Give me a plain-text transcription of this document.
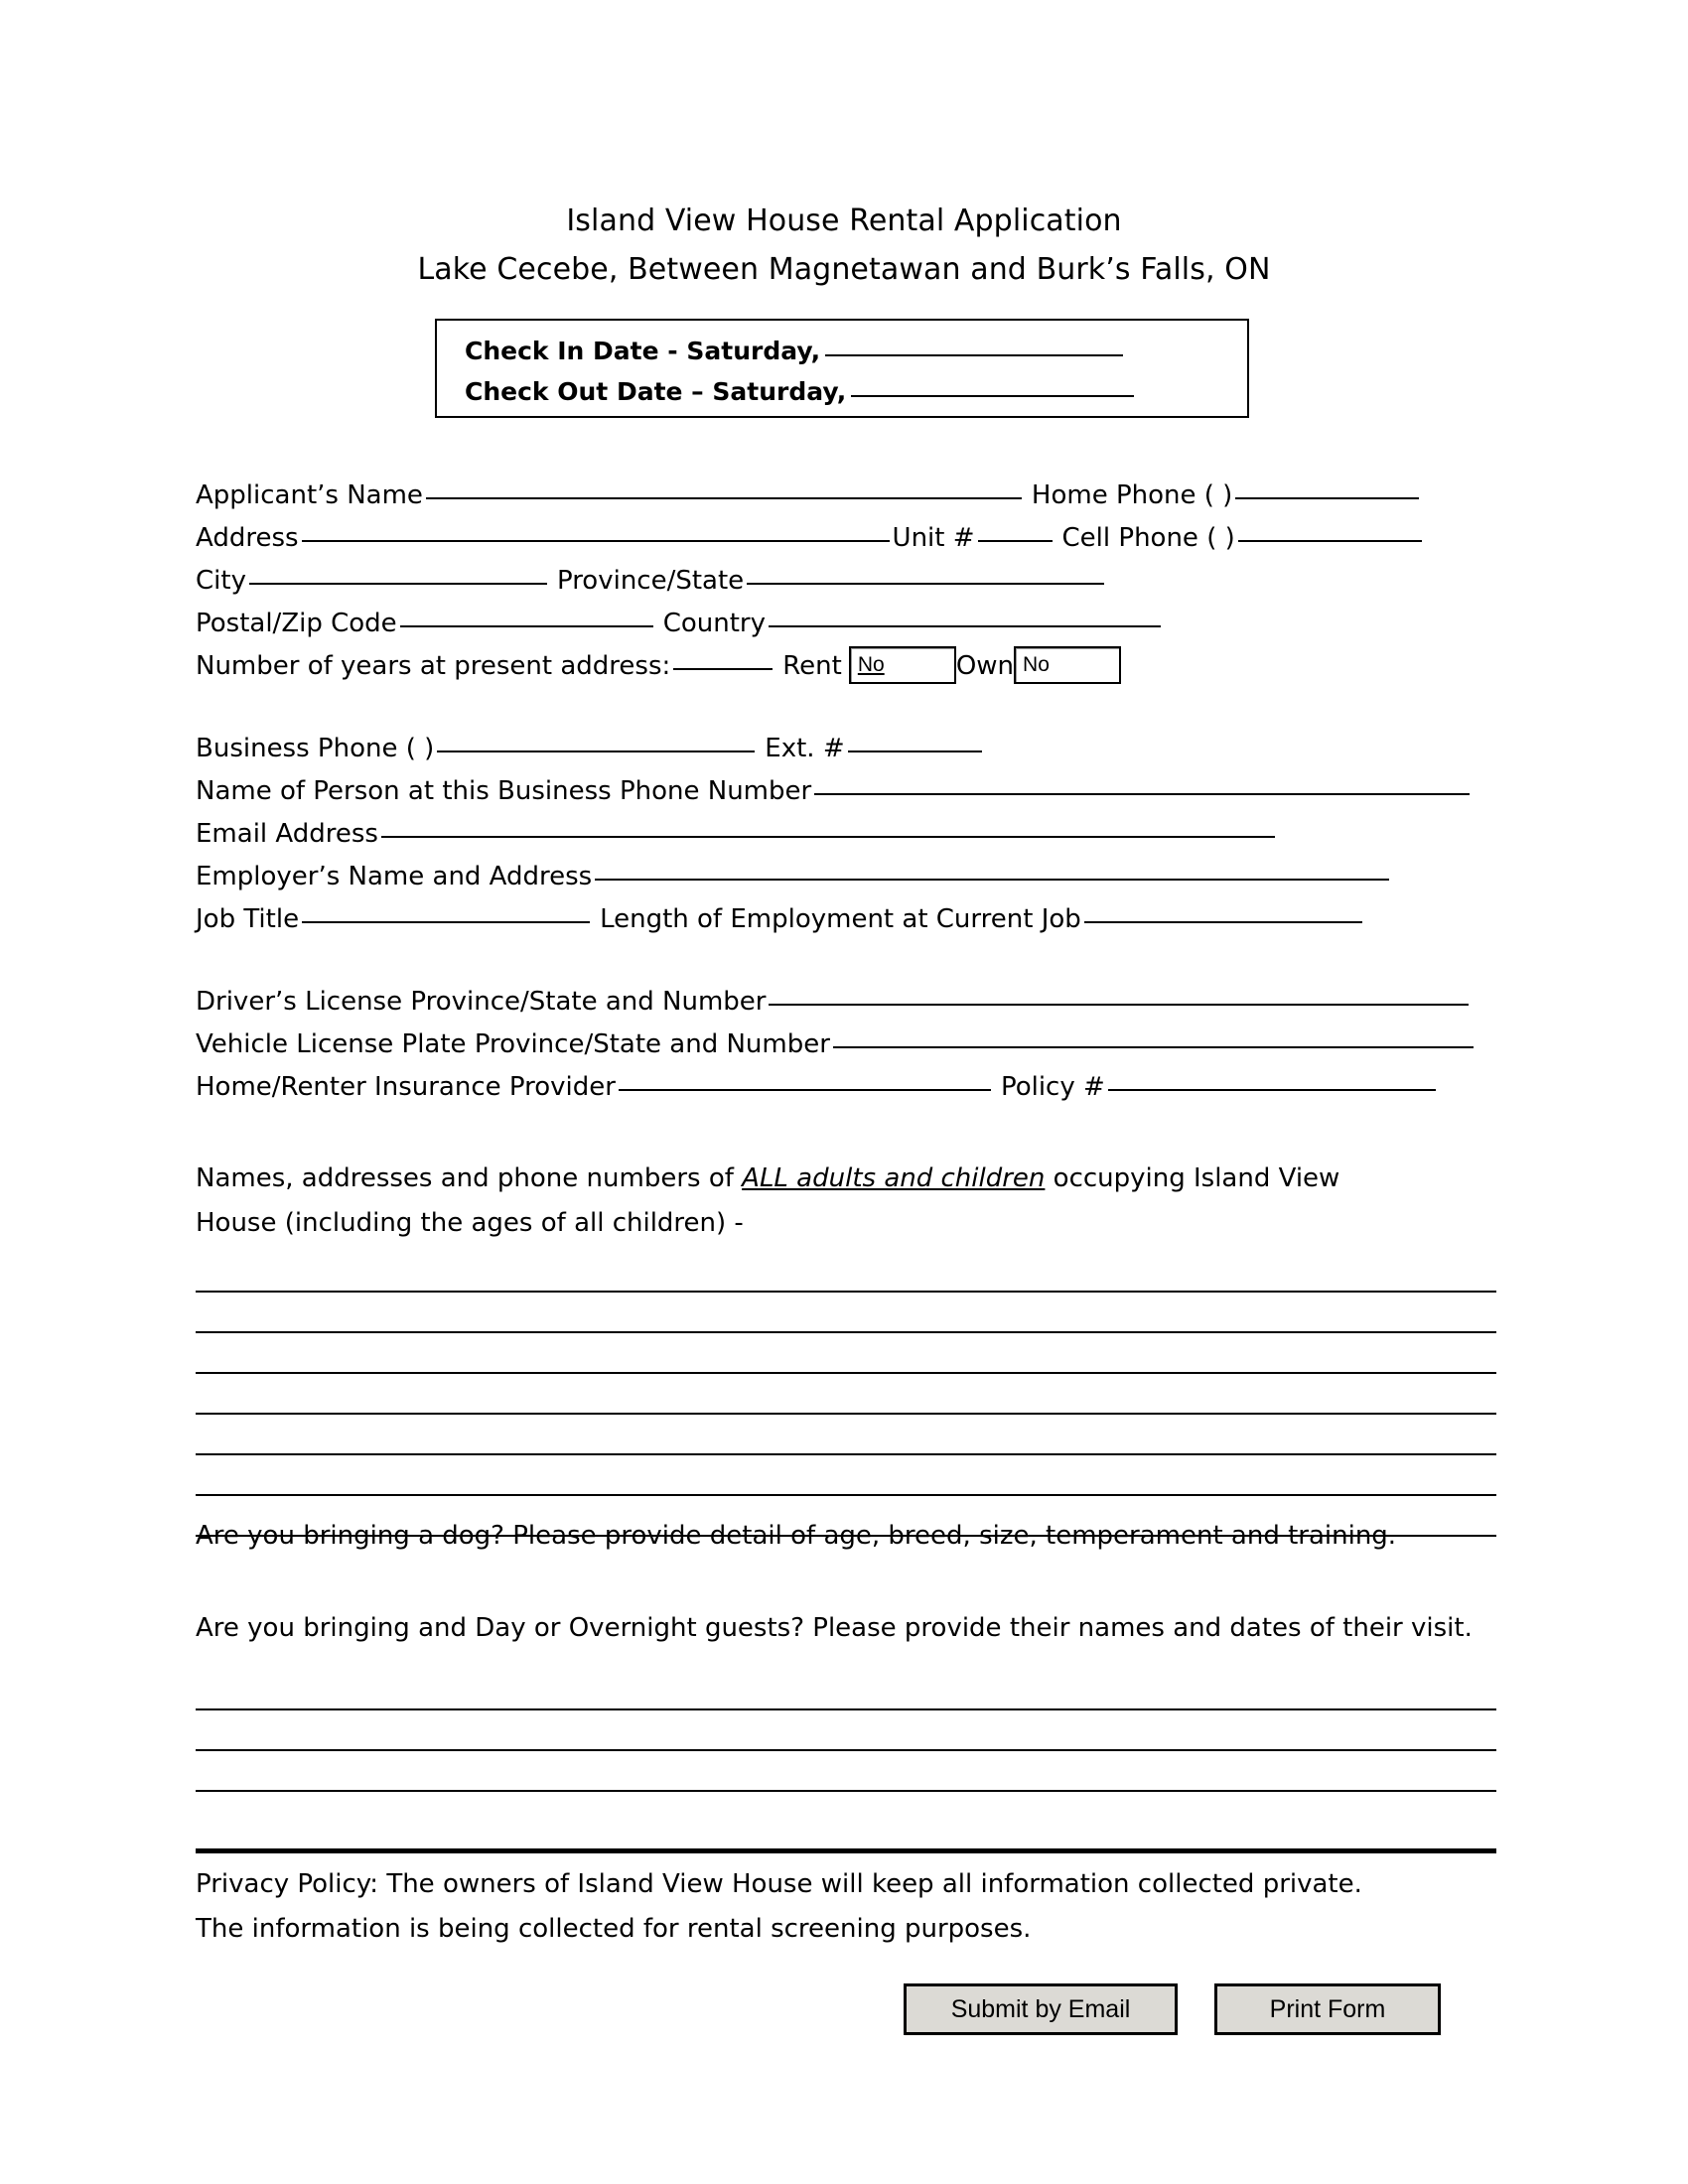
Island View House Rental Application
Lake Cecebe, Between Magnetawan and Burk’s Falls, ON
Check In Date - Saturday,
Check Out Date – Saturday,
Applicant’s Name	Home Phone ( )
Address	Unit #	Cell Phone ( )
City	Province/State
Postal/Zip Code	Country
Number of years at present address:	Rent No	Own No
Business Phone ( )	Ext. #
Name of Person at this Business Phone Number
Email Address
Employer’s Name and Address
Job Title	Length of Employment at Current Job
Driver’s License Province/State and Number
Vehicle License Plate Province/State and Number
Home/Renter Insurance Provider	Policy #
Names, addresses and phone numbers of ALL adults and children occupying Island View
House (including the ages of all children) -
Are you bringing a dog? Please provide detail of age, breed, size, temperament and training.
Are you bringing and Day or Overnight guests? Please provide their names and dates of their visit.
Privacy Policy: The owners of Island View House will keep all information collected private.
The information is being collected for rental screening purposes.
Submit by Email	Print Form
